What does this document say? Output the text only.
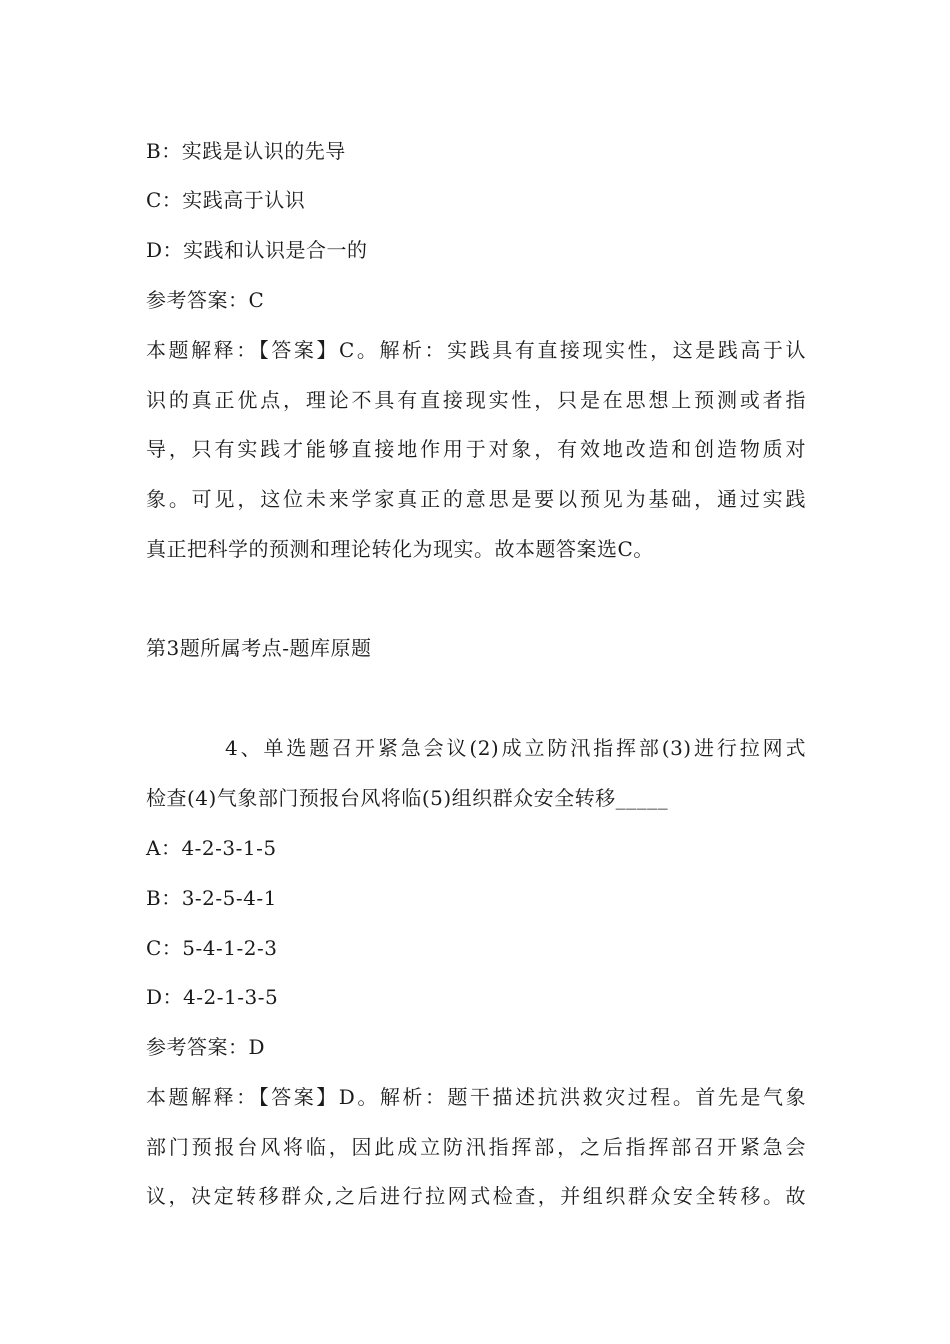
B：实践是认识的先导
C：实践高于认识
D：实践和认识是合一的
参考答案：C
本题解释：【答案】C。解析：实践具有直接现实性，这是践高于认
识的真正优点，理论不具有直接现实性，只是在思想上预测或者指
导，只有实践才能够直接地作用于对象，有效地改造和创造物质对
象。可见，这位未来学家真正的意思是要以预见为基础，通过实践
真正把科学的预测和理论转化为现实。故本题答案选C。
第3题所属考点-题库原题
4、单选题召开紧急会议(2)成立防汛指挥部(3)进行拉网式
检查(4)气象部门预报台风将临(5)组织群众安全转移_____
A：4-2-3-1-5
B：3-2-5-4-1
C：5-4-1-2-3
D：4-2-1-3-5
参考答案：D
本题解释：【答案】D。解析：题干描述抗洪救灾过程。首先是气象
部门预报台风将临，因此成立防汛指挥部，之后指挥部召开紧急会
议，决定转移群众,之后进行拉网式检查，并组织群众安全转移。故
